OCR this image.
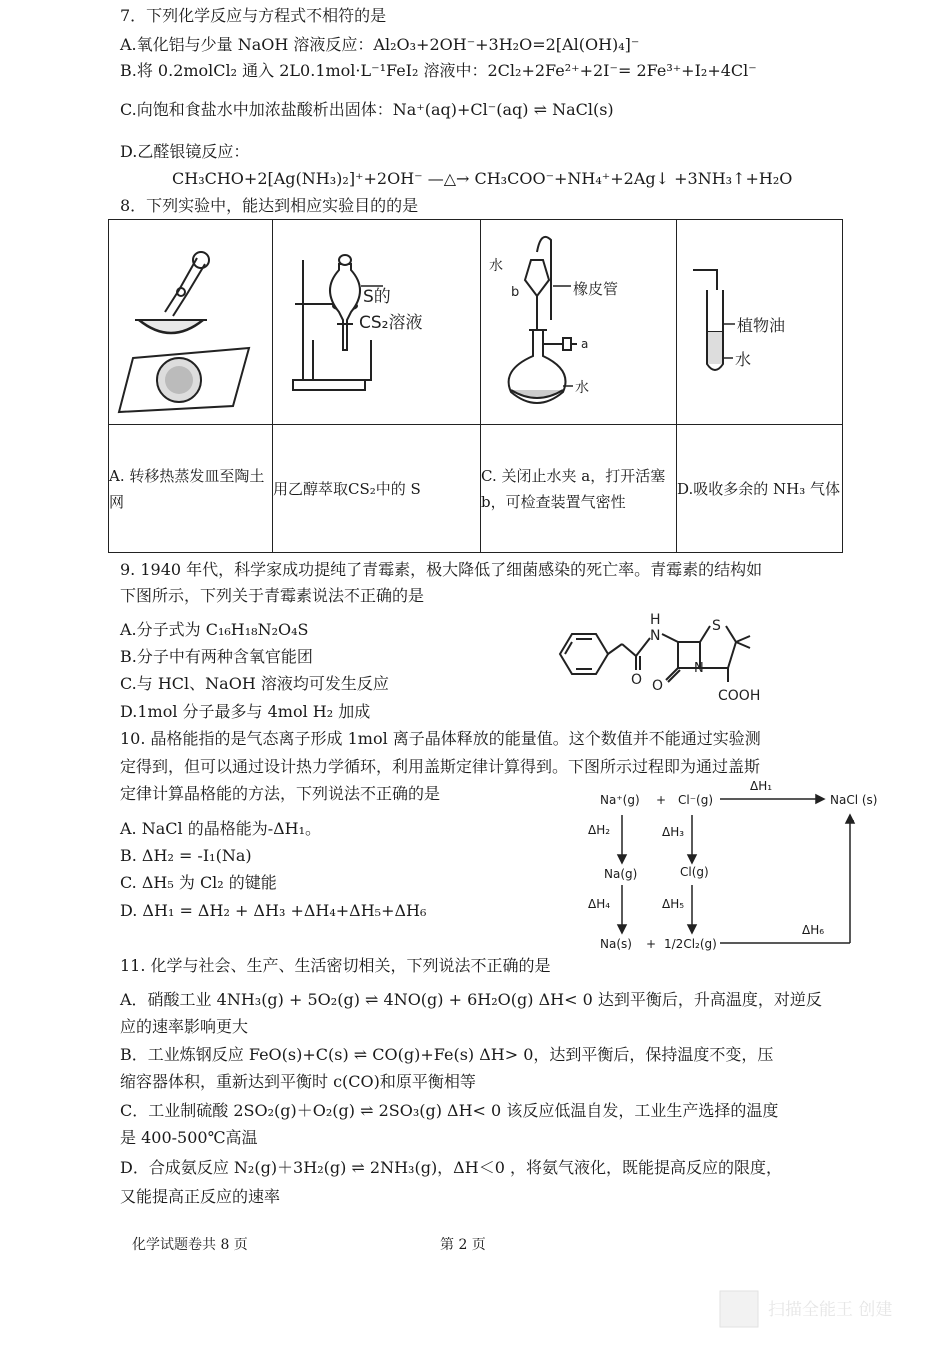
7．下列化学反应与方程式不相符的是
A.氧化铝与少量 NaOH 溶液反应：Al₂O₃+2OH⁻+3H₂O=2[Al(OH)₄]⁻
B.将 0.2molCl₂ 通入 2L0.1mol·L⁻¹FeI₂ 溶液中：2Cl₂+2Fe²⁺+2I⁻= 2Fe³⁺+I₂+4Cl⁻
C.向饱和食盐水中加浓盐酸析出固体：Na⁺(aq)+Cl⁻(aq) ⇌ NaCl(s)
D.乙醛银镜反应：
CH₃CHO+2[Ag(NH₃)₂]⁺+2OH⁻ —△→ CH₃COO⁻+NH₄⁺+2Ag↓ +3NH₃↑+H₂O
8．下列实验中，能达到相应实验目的的是

S的
CS₂溶液	水
b 橡皮管
a
水	植物油
水

A. 转移热蒸发皿至陶土网	用乙醇萃取CS₂中的 S	C. 关闭止水夹 a，打开活塞 b，可检查装置气密性	D.吸收多余的 NH₃ 气体
9. 1940 年代，科学家成功提纯了青霉素，极大降低了细菌感染的死亡率。青霉素的结构如
下图所示，下列关于青霉素说法不正确的是
A.分子式为 C₁₆H₁₈N₂O₄S
B.分子中有两种含氧官能团
C.与 HCl、NaOH 溶液均可发生反应
D.1mol 分子最多与 4mol H₂ 加成
H
N
S
O O
N
COOH
10. 晶格能指的是气态离子形成 1mol 离子晶体释放的能量值。这个数值并不能通过实验测
定得到，但可以通过设计热力学循环，利用盖斯定律计算得到。下图所示过程即为通过盖斯
定律计算晶格能的方法，下列说法不正确的是
A. NaCl 的晶格能为-ΔH₁。
B. ΔH₂ = -I₁(Na)
C. ΔH₅ 为 Cl₂ 的键能
D. ΔH₁ = ΔH₂ + ΔH₃ +ΔH₄+ΔH₅+ΔH₆
Na⁺(g) + Cl⁻(g)
ΔH₁
NaCl (s)
ΔH₂	ΔH₃
Na(g)	Cl(g)
ΔH₄	ΔH₅
ΔH₆
Na(s) + 1/2Cl₂(g)
11. 化学与社会、生产、生活密切相关，下列说法不正确的是
A．硝酸工业 4NH₃(g) + 5O₂(g) ⇌ 4NO(g) + 6H₂O(g) ΔH< 0 达到平衡后，升高温度，对逆反
应的速率影响更大
B．工业炼钢反应 FeO(s)+C(s) ⇌ CO(g)+Fe(s) ΔH> 0，达到平衡后，保持温度不变，压
缩容器体积，重新达到平衡时 c(CO)和原平衡相等
C．工业制硫酸 2SO₂(g)＋O₂(g) ⇌ 2SO₃(g) ΔH< 0 该反应低温自发，工业生产选择的温度
是 400-500℃高温
D．合成氨反应 N₂(g)＋3H₂(g) ⇌ 2NH₃(g)，ΔH＜0 ，将氨气液化，既能提高反应的限度，
又能提高正反应的速率
化学试题卷共 8 页	第 2 页
扫描全能王 创建
